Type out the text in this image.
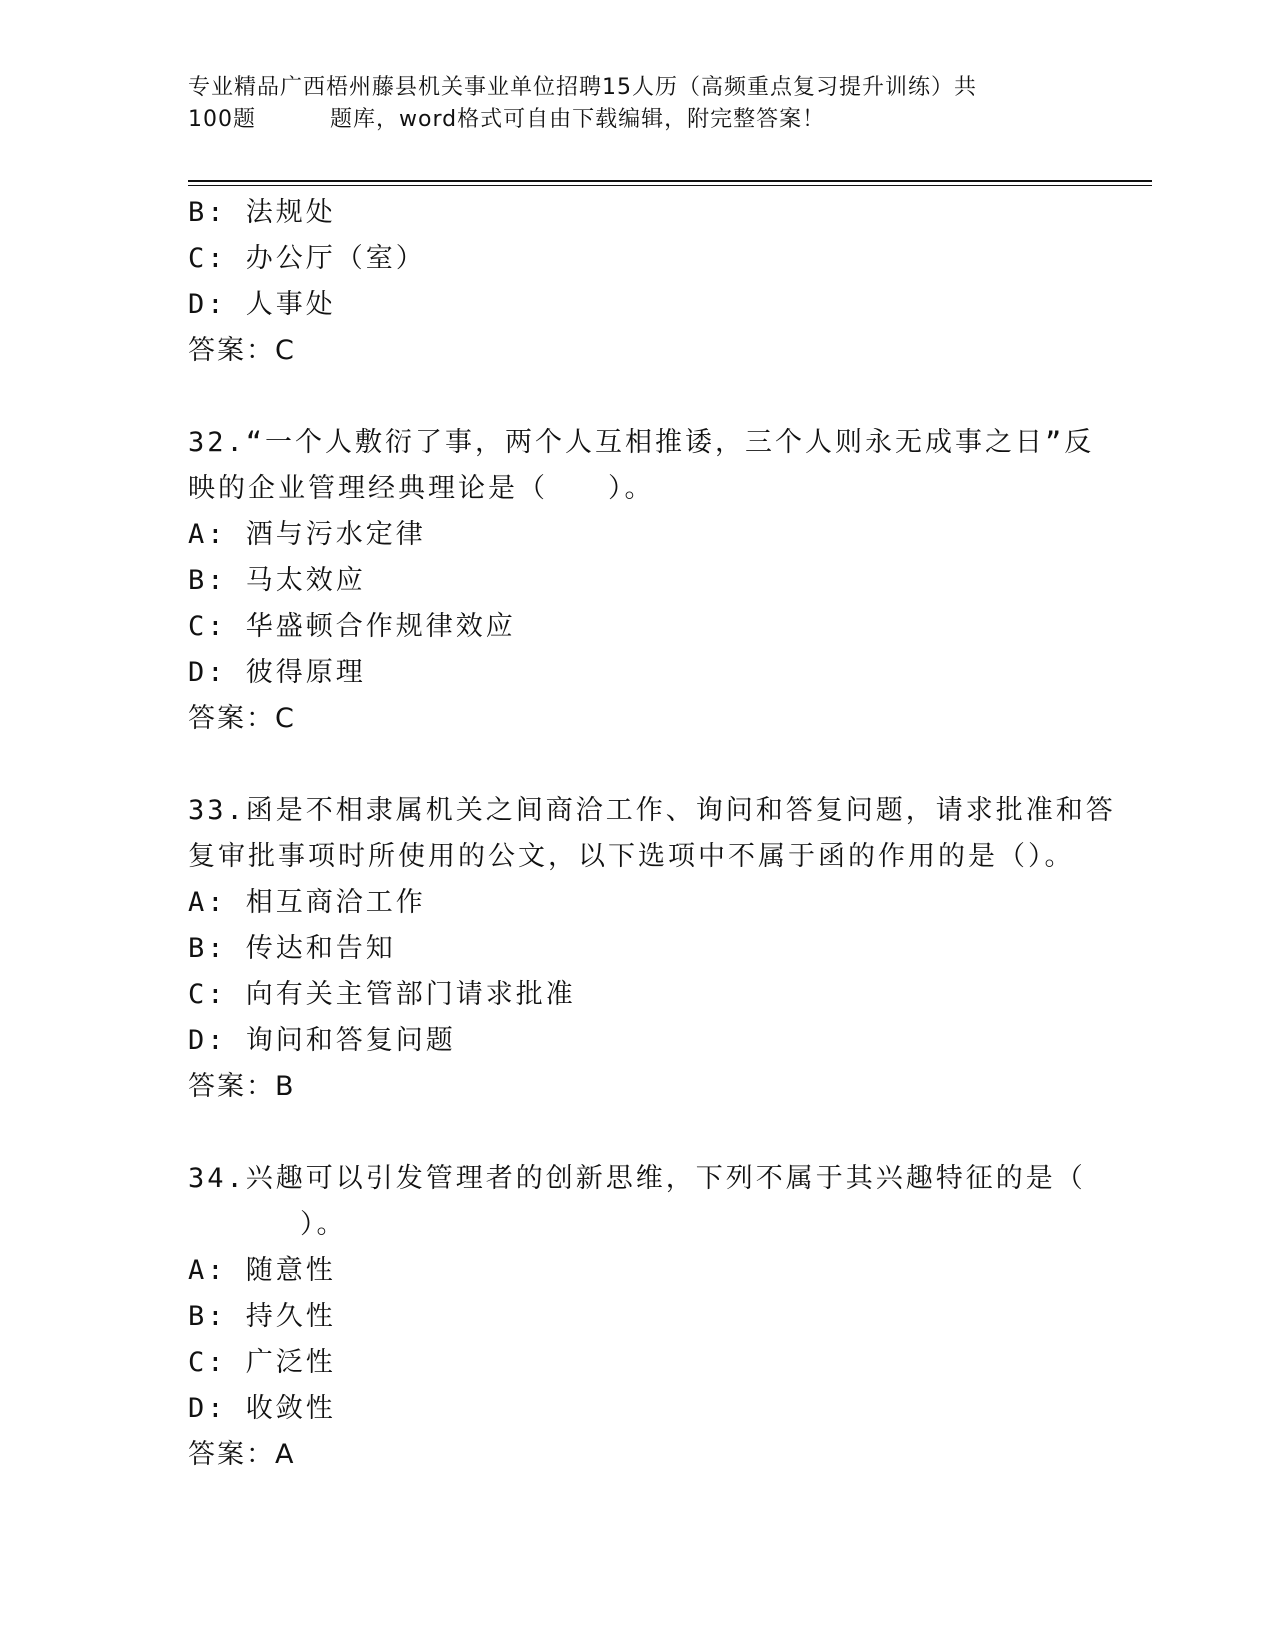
专业精品广西梧州藤县机关事业单位招聘15人历（高频重点复习提升训练）共
100题	题库，word格式可自由下载编辑，附完整答案！
B: 法规处
C: 办公厅（室）
D: 人事处
答案：C
32.“一个人敷衍了事，两个人互相推诿，三个人则永无成事之日”反
映的企业管理经典理论是（　　）。
A: 酒与污水定律
B: 马太效应
C: 华盛顿合作规律效应
D: 彼得原理
答案：C
33.函是不相隶属机关之间商洽工作、询问和答复问题，请求批准和答
复审批事项时所使用的公文，以下选项中不属于函的作用的是（）。
A: 相互商洽工作
B: 传达和告知
C: 向有关主管部门请求批准
D: 询问和答复问题
答案：B
34.兴趣可以引发管理者的创新思维，下列不属于其兴趣特征的是（
）。
A: 随意性
B: 持久性
C: 广泛性
D: 收敛性
答案：A
